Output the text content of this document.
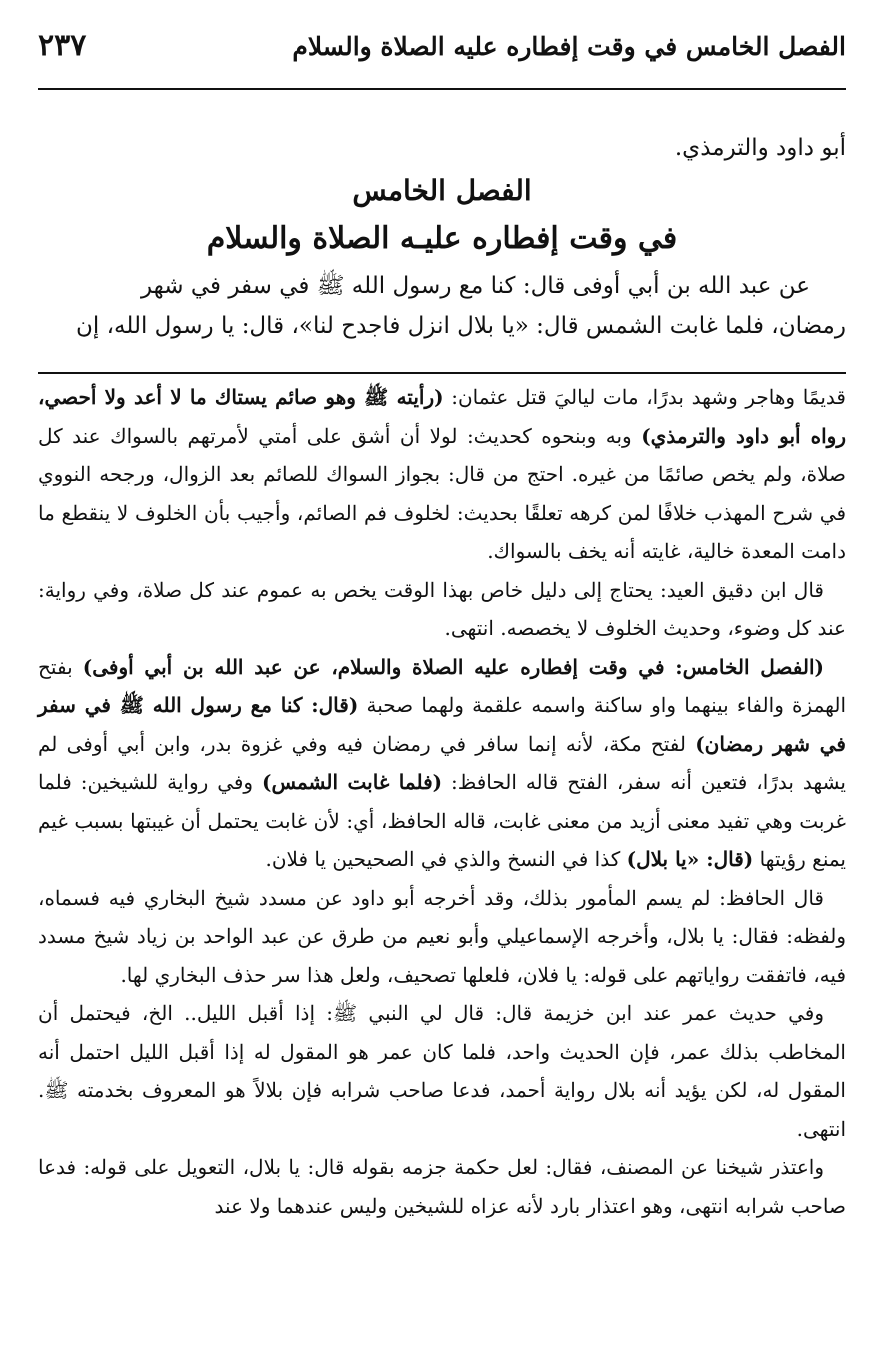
الفصل الخامس في وقت إفطاره عليه الصلاة والسلام
٢٣٧

أبو داود والترمذي.

الفصل الخامس
في وقت إفطاره عليـه الصلاة والسلام

عن عبد الله بن أبي أوفى قال: كنا مع رسول الله ﷺ في سفر في شهر

رمضان، فلما غابت الشمس قال: «يا بلال انزل فاجدح لنا»، قال: يا رسول الله، إن

قديمًا وهاجر وشهد بدرًا، مات لياليَ قتل عثمان: (رأيته ﷺ وهو صائم يستاك ما لا أعد ولا أحصي، رواه أبو داود والترمذي) وبه وبنحوه كحديث: لولا أن أشق على أمتي لأمرتهم بالسواك عند كل صلاة، ولم يخص صائمًا من غيره. احتج من قال: بجواز السواك للصائم بعد الزوال، ورجحه النووي في شرح المهذب خلافًا لمن كرهه تعلقًا بحديث: لخلوف فم الصائم، وأجيب بأن الخلوف لا ينقطع ما دامت المعدة خالية، غايته أنه يخف بالسواك.

قال ابن دقيق العيد: يحتاج إلى دليل خاص بهذا الوقت يخص به عموم عند كل صلاة، وفي رواية: عند كل وضوء، وحديث الخلوف لا يخصصه. انتهى.

(الفصل الخامس: في وقت إفطاره عليه الصلاة والسلام، عن عبد الله بن أبي أوفى) بفتح الهمزة والفاء بينهما واو ساكنة واسمه علقمة ولهما صحبة (قال: كنا مع رسول الله ﷺ في سفر في شهر رمضان) لفتح مكة، لأنه إنما سافر في رمضان فيه وفي غزوة بدر، وابن أبي أوفى لم يشهد بدرًا، فتعين أنه سفر، الفتح قاله الحافظ: (فلما غابت الشمس) وفي رواية للشيخين: فلما غربت وهي تفيد معنى أزيد من معنى غابت، قاله الحافظ، أي: لأن غابت يحتمل أن غيبتها بسبب غيم يمنع رؤيتها (قال: «يا بلال) كذا في النسخ والذي في الصحيحين يا فلان.

قال الحافظ: لم يسم المأمور بذلك، وقد أخرجه أبو داود عن مسدد شيخ البخاري فيه فسماه، ولفظه: فقال: يا بلال، وأخرجه الإسماعيلي وأبو نعيم من طرق عن عبد الواحد بن زياد شيخ مسدد فيه، فاتفقت رواياتهم على قوله: يا فلان، فلعلها تصحيف، ولعل هذا سر حذف البخاري لها.

وفي حديث عمر عند ابن خزيمة قال: قال لي النبي ﷺ: إذا أقبل الليل.. الخ، فيحتمل أن المخاطب بذلك عمر، فإن الحديث واحد، فلما كان عمر هو المقول له إذا أقبل الليل احتمل أنه المقول له، لكن يؤيد أنه بلال رواية أحمد، فدعا صاحب شرابه فإن بلالاً هو المعروف بخدمته ﷺ. انتهى.

واعتذر شيخنا عن المصنف، فقال: لعل حكمة جزمه بقوله قال: يا بلال، التعويل على قوله: فدعا صاحب شرابه انتهى، وهو اعتذار بارد لأنه عزاه للشيخين وليس عندهما ولا عند
